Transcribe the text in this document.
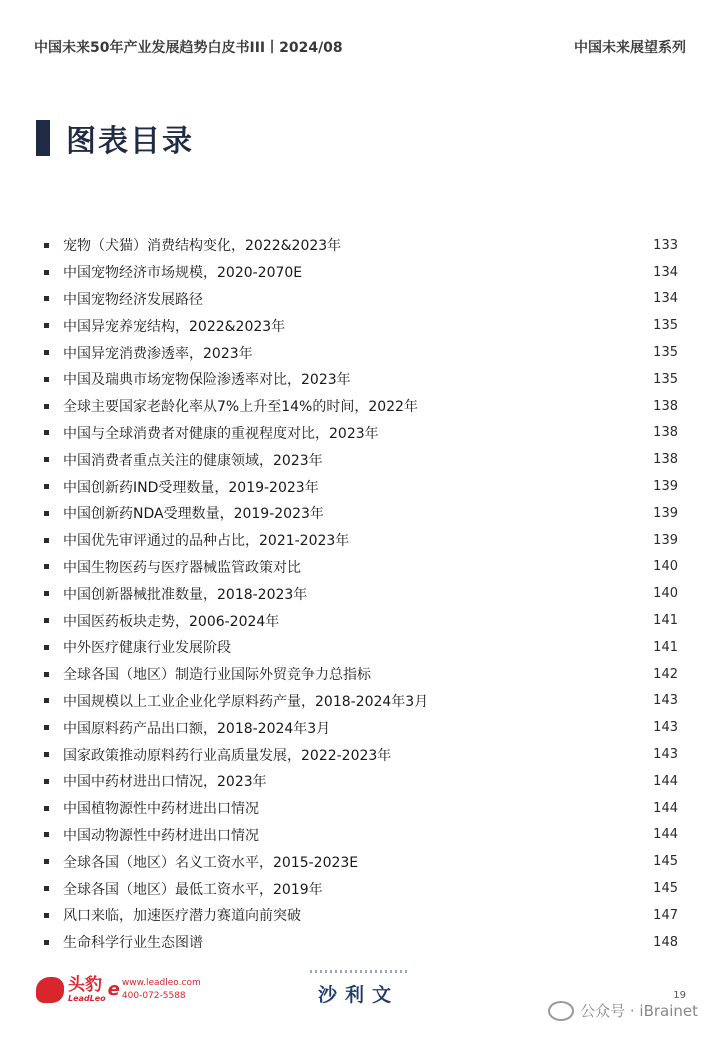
中国未来50年产业发展趋势白皮书III丨2024/08	中国未来展望系列
图表目录
宠物（犬猫）消费结构变化，2022&2023年	133
中国宠物经济市场规模，2020-2070E	134
中国宠物经济发展路径	134
中国异宠养宠结构，2022&2023年	135
中国异宠消费渗透率，2023年	135
中国及瑞典市场宠物保险渗透率对比，2023年	135
全球主要国家老龄化率从7%上升至14%的时间，2022年	138
中国与全球消费者对健康的重视程度对比，2023年	138
中国消费者重点关注的健康领域，2023年	138
中国创新药IND受理数量，2019-2023年	139
中国创新药NDA受理数量，2019-2023年	139
中国优先审评通过的品种占比，2021-2023年	139
中国生物医药与医疗器械监管政策对比	140
中国创新器械批准数量，2018-2023年	140
中国医药板块走势，2006-2024年	141
中外医疗健康行业发展阶段	141
全球各国（地区）制造行业国际外贸竞争力总指标	142
中国规模以上工业企业化学原料药产量，2018-2024年3月	143
中国原料药产品出口额，2018-2024年3月	143
国家政策推动原料药行业高质量发展，2022-2023年	143
中国中药材进出口情况，2023年	144
中国植物源性中药材进出口情况	144
中国动物源性中药材进出口情况	144
全球各国（地区）名义工资水平，2015-2023E	145
全球各国（地区）最低工资水平，2019年	145
风口来临，加速医疗潜力赛道向前突破	147
生命科学行业生态图谱	148
头豹
LeadLeo e www.leadleo.com
400-072-5588	沙利文	19
公众号 · iBrainet
